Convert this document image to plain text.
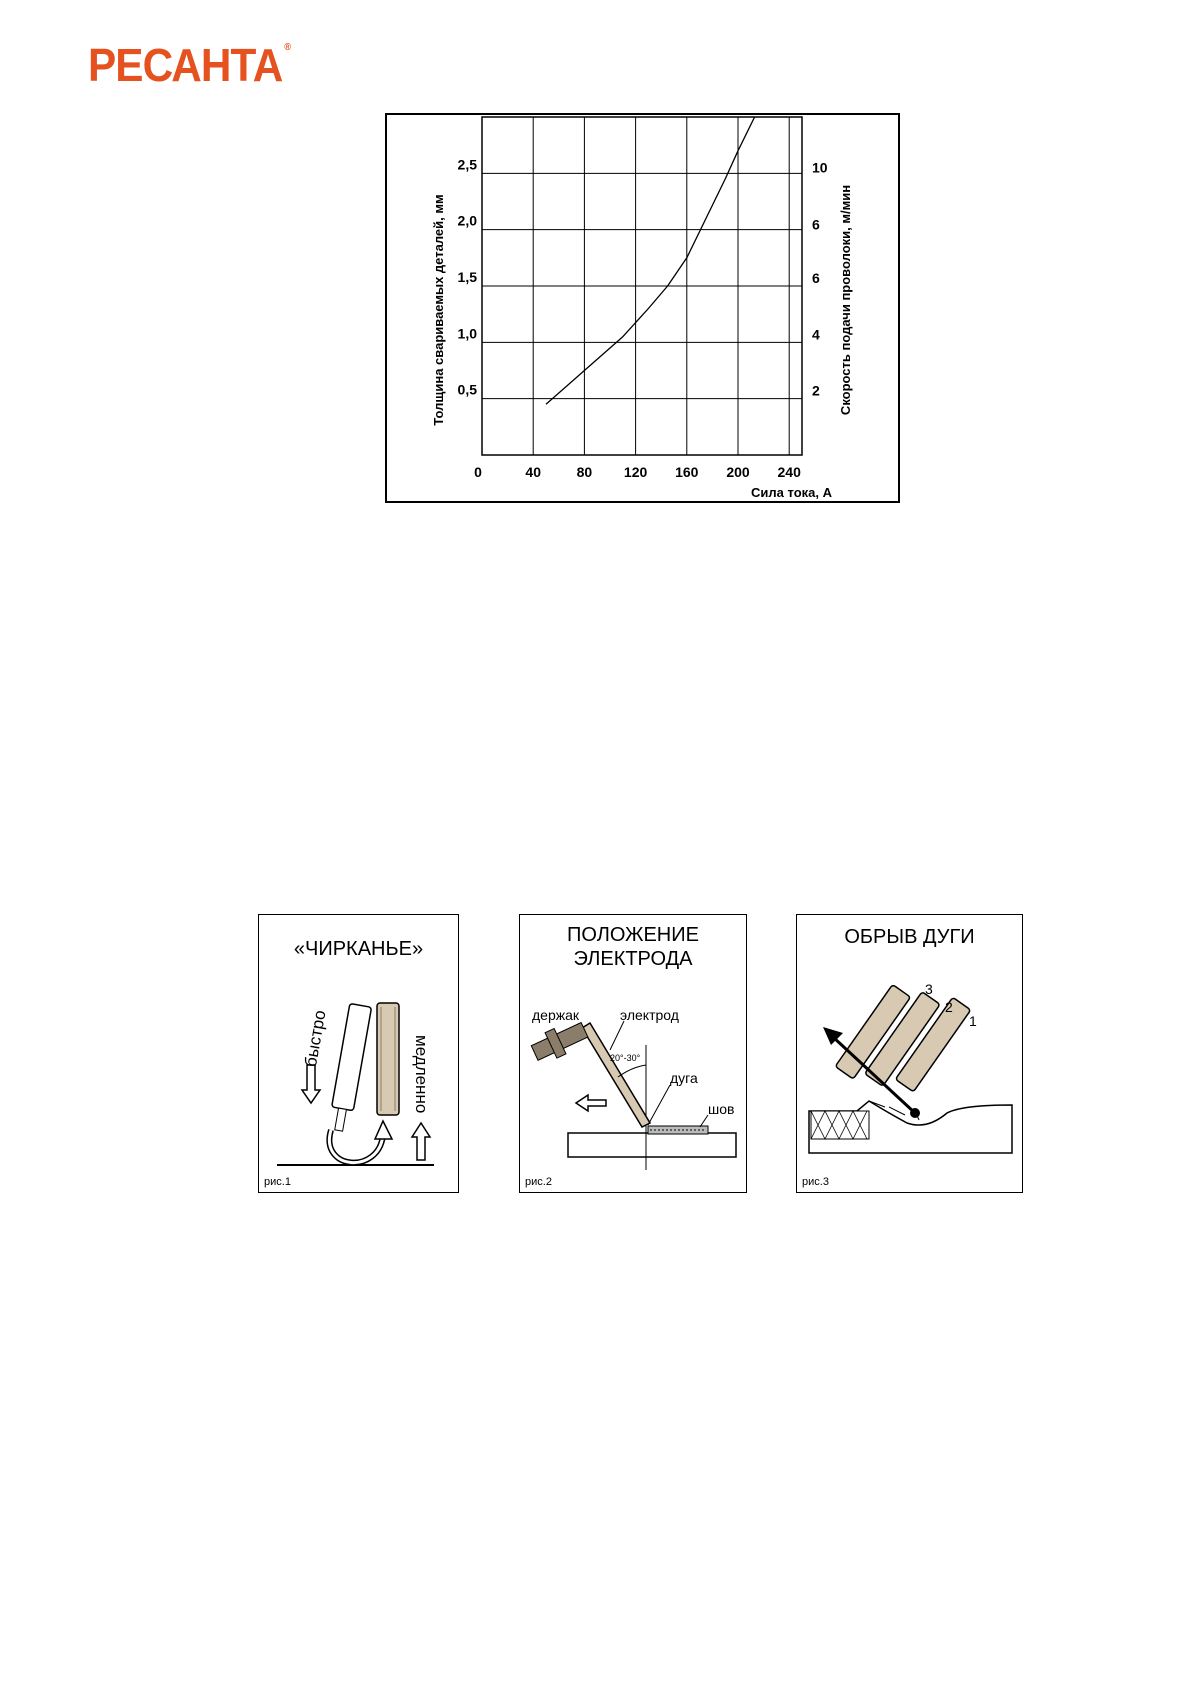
РЕСАНТА ®
Толщина свариваемых деталей, мм	Скорость подачи проволоки, м/мин
Сила тока, А
0	40	80 120 160 200 240
0,5	2
1,0	4
1,5	6
2,0	6
2,5	10
«ЧИРКАНЬЕ»
быстро	медленно
рис.1
ПОЛОЖЕНИЕ
ЭЛЕКТРОДА
держак	электрод
20°-30°
дуга
шов
рис.2
ОБРЫВ ДУГИ
3
2
1
рис.3
